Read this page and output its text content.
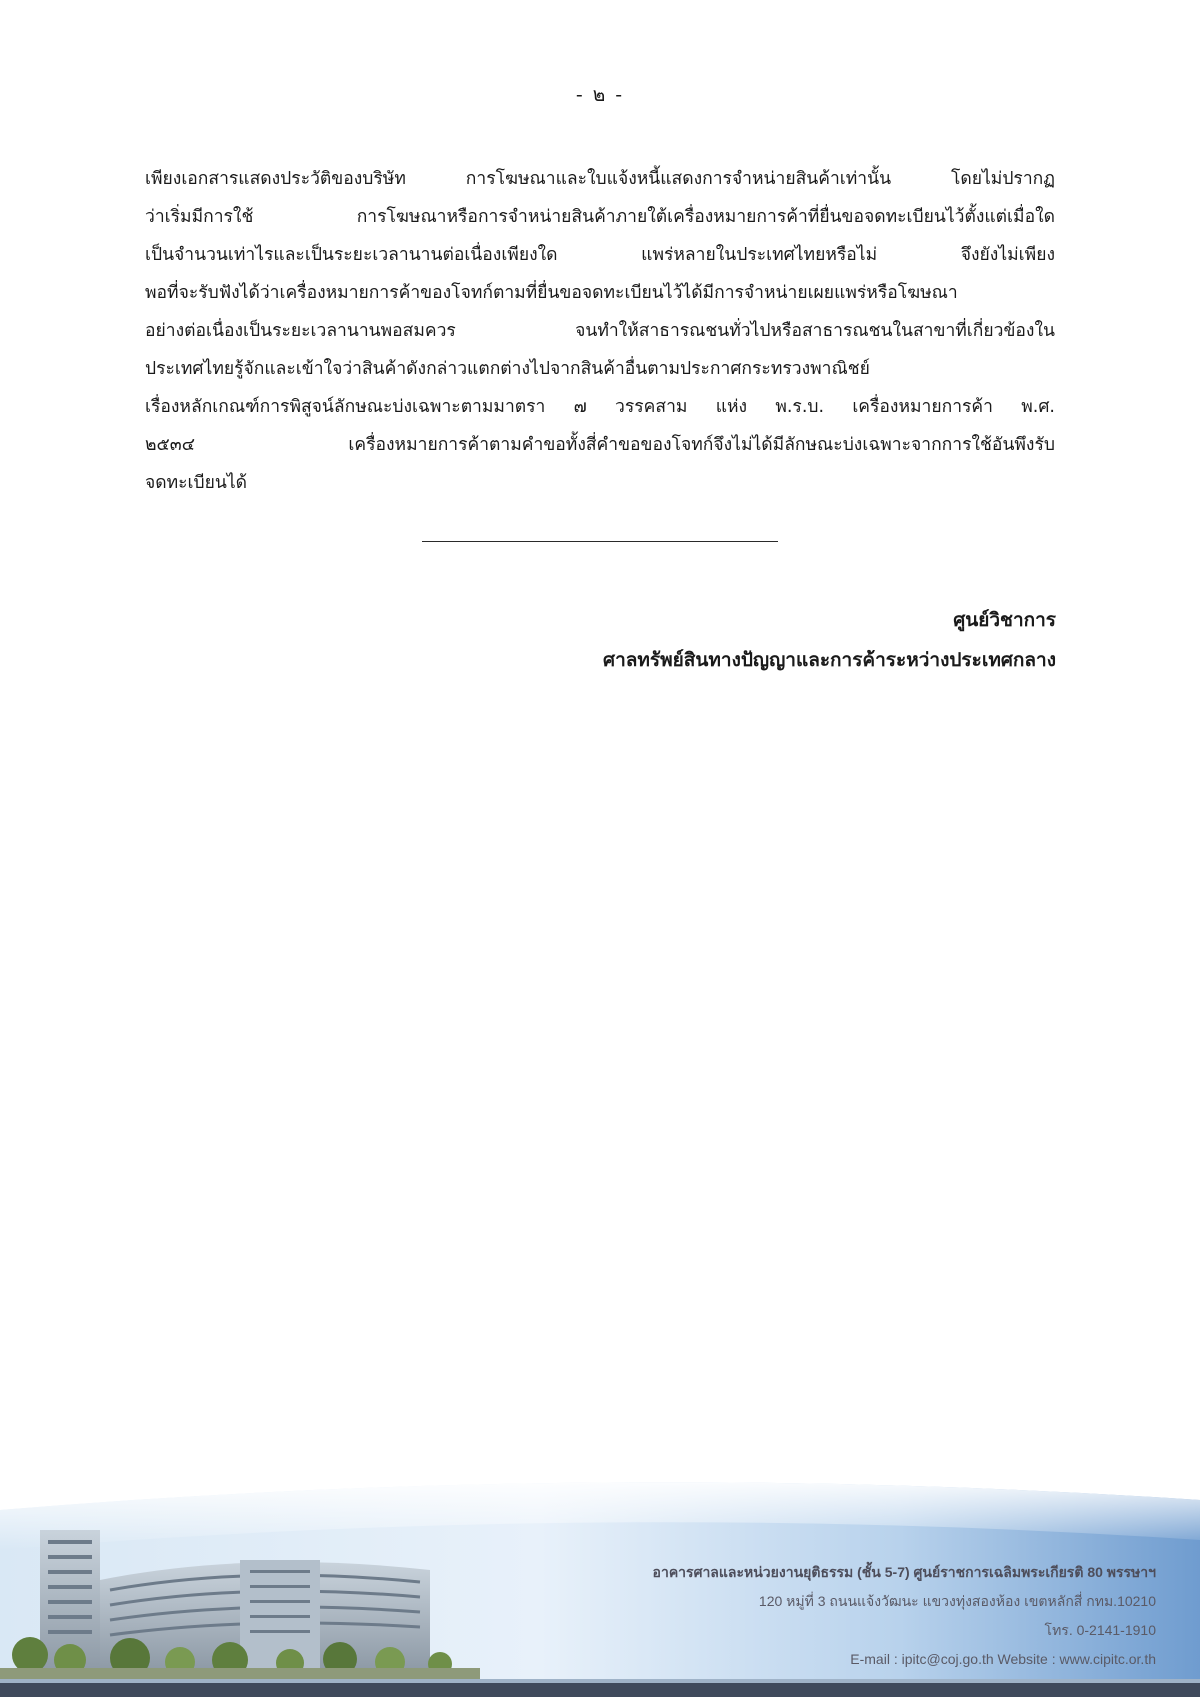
- ๒ -
เพียงเอกสารแสดงประวัติของบริษัท การโฆษณาและใบแจ้งหนี้แสดงการจำหน่ายสินค้าเท่านั้น โดยไม่ปรากฏ
ว่าเริ่มมีการใช้ การโฆษณาหรือการจำหน่ายสินค้าภายใต้เครื่องหมายการค้าที่ยื่นขอจดทะเบียนไว้ตั้งแต่เมื่อใด
เป็นจำนวนเท่าไรและเป็นระยะเวลานานต่อเนื่องเพียงใด แพร่หลายในประเทศไทยหรือไม่ จึงยังไม่เพียง
พอที่จะรับฟังได้ว่าเครื่องหมายการค้าของโจทก์ตามที่ยื่นขอจดทะเบียนไว้ได้มีการจำหน่ายเผยแพร่หรือโฆษณา
อย่างต่อเนื่องเป็นระยะเวลานานพอสมควร จนทำให้สาธารณชนทั่วไปหรือสาธารณชนในสาขาที่เกี่ยวข้องใน
ประเทศไทยรู้จักและเข้าใจว่าสินค้าดังกล่าวแตกต่างไปจากสินค้าอื่นตามประกาศกระทรวงพาณิชย์
เรื่องหลักเกณฑ์การพิสูจน์ลักษณะบ่งเฉพาะตามมาตรา ๗ วรรคสาม แห่ง พ.ร.บ. เครื่องหมายการค้า พ.ศ.
๒๕๓๔ เครื่องหมายการค้าตามคำขอทั้งสี่คำขอของโจทก์จึงไม่ได้มีลักษณะบ่งเฉพาะจากการใช้อันพึงรับ
จดทะเบียนได้
ศูนย์วิชาการ
ศาลทรัพย์สินทางปัญญาและการค้าระหว่างประเทศกลาง
อาคารศาลและหน่วยงานยุติธรรม (ชั้น 5-7) ศูนย์ราชการเฉลิมพระเกียรติ 80 พรรษาฯ
120 หมู่ที่ 3 ถนนแจ้งวัฒนะ แขวงทุ่งสองห้อง เขตหลักสี่ กทม.10210
โทร. 0-2141-1910
E-mail : ipitc@coj.go.th Website : www.cipitc.or.th
